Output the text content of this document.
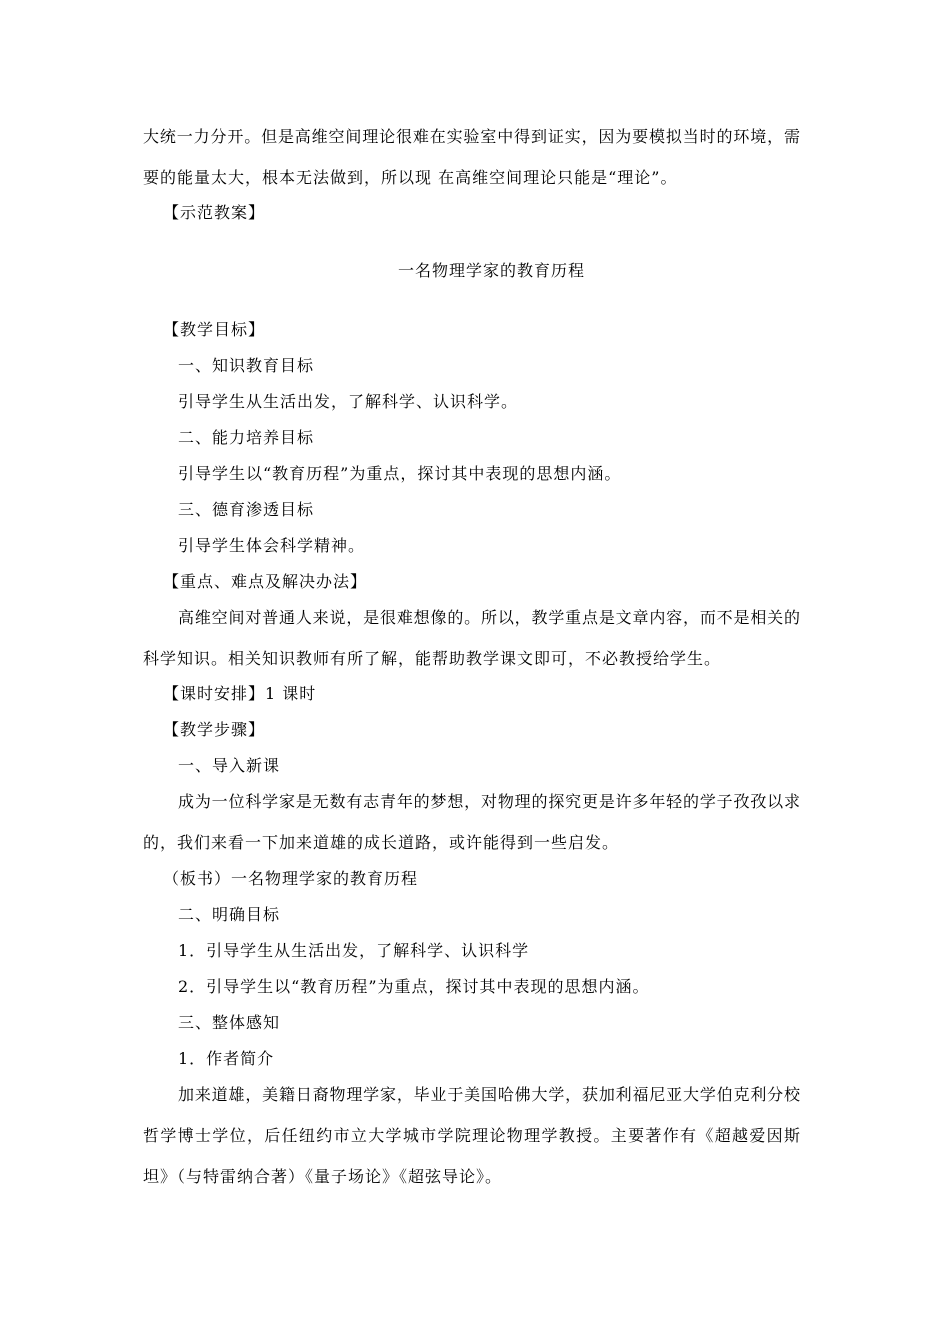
大统一力分开。但是高维空间理论很难在实验室中得到证实，因为要模拟当时的环境，需
要的能量太大，根本无法做到，所以现 在高维空间理论只能是“理论”。
【示范教案】
一名物理学家的教育历程
【教学目标】
一、知识教育目标
引导学生从生活出发，了解科学、认识科学。
二、能力培养目标
引导学生以“教育历程”为重点，探讨其中表现的思想内涵。
三、德育渗透目标
引导学生体会科学精神。
【重点、难点及解决办法】
高维空间对普通人来说，是很难想像的。所以，教学重点是文章内容，而不是相关的
科学知识。相关知识教师有所了解，能帮助教学课文即可，不必教授给学生。
【课时安排】1 课时
【教学步骤】
一、导入新课
成为一位科学家是无数有志青年的梦想，对物理的探究更是许多年轻的学子孜孜以求
的，我们来看一下加来道雄的成长道路，或许能得到一些启发。
（板书）一名物理学家的教育历程
二、明确目标
1．引导学生从生活出发，了解科学、认识科学
2．引导学生以“教育历程”为重点，探讨其中表现的思想内涵。
三、整体感知
1．作者简介
加来道雄，美籍日裔物理学家，毕业于美国哈佛大学，获加利福尼亚大学伯克利分校
哲学博士学位，后任纽约市立大学城市学院理论物理学教授。主要著作有《超越爱因斯
坦》（与特雷纳合著）《量子场论》《超弦导论》。
